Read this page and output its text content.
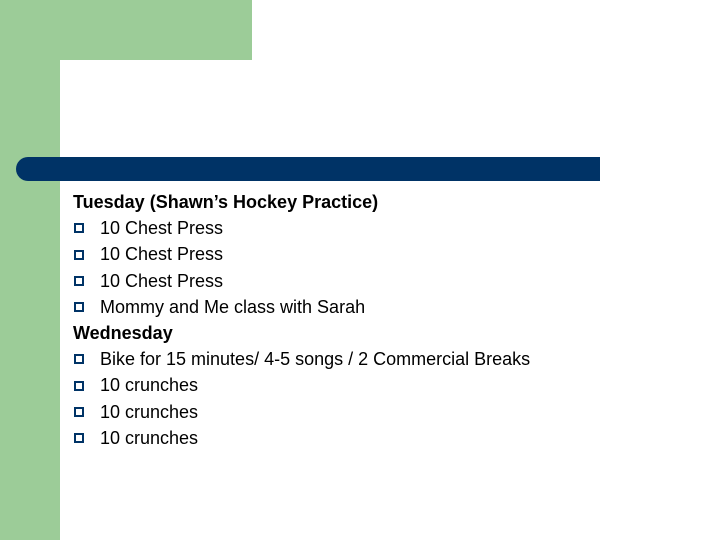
Tuesday (Shawn’s Hockey Practice)
10 Chest Press
10 Chest Press
10 Chest Press
Mommy and Me class with Sarah
Wednesday
Bike for 15 minutes/ 4-5 songs / 2 Commercial Breaks
10 crunches
10 crunches
10 crunches
